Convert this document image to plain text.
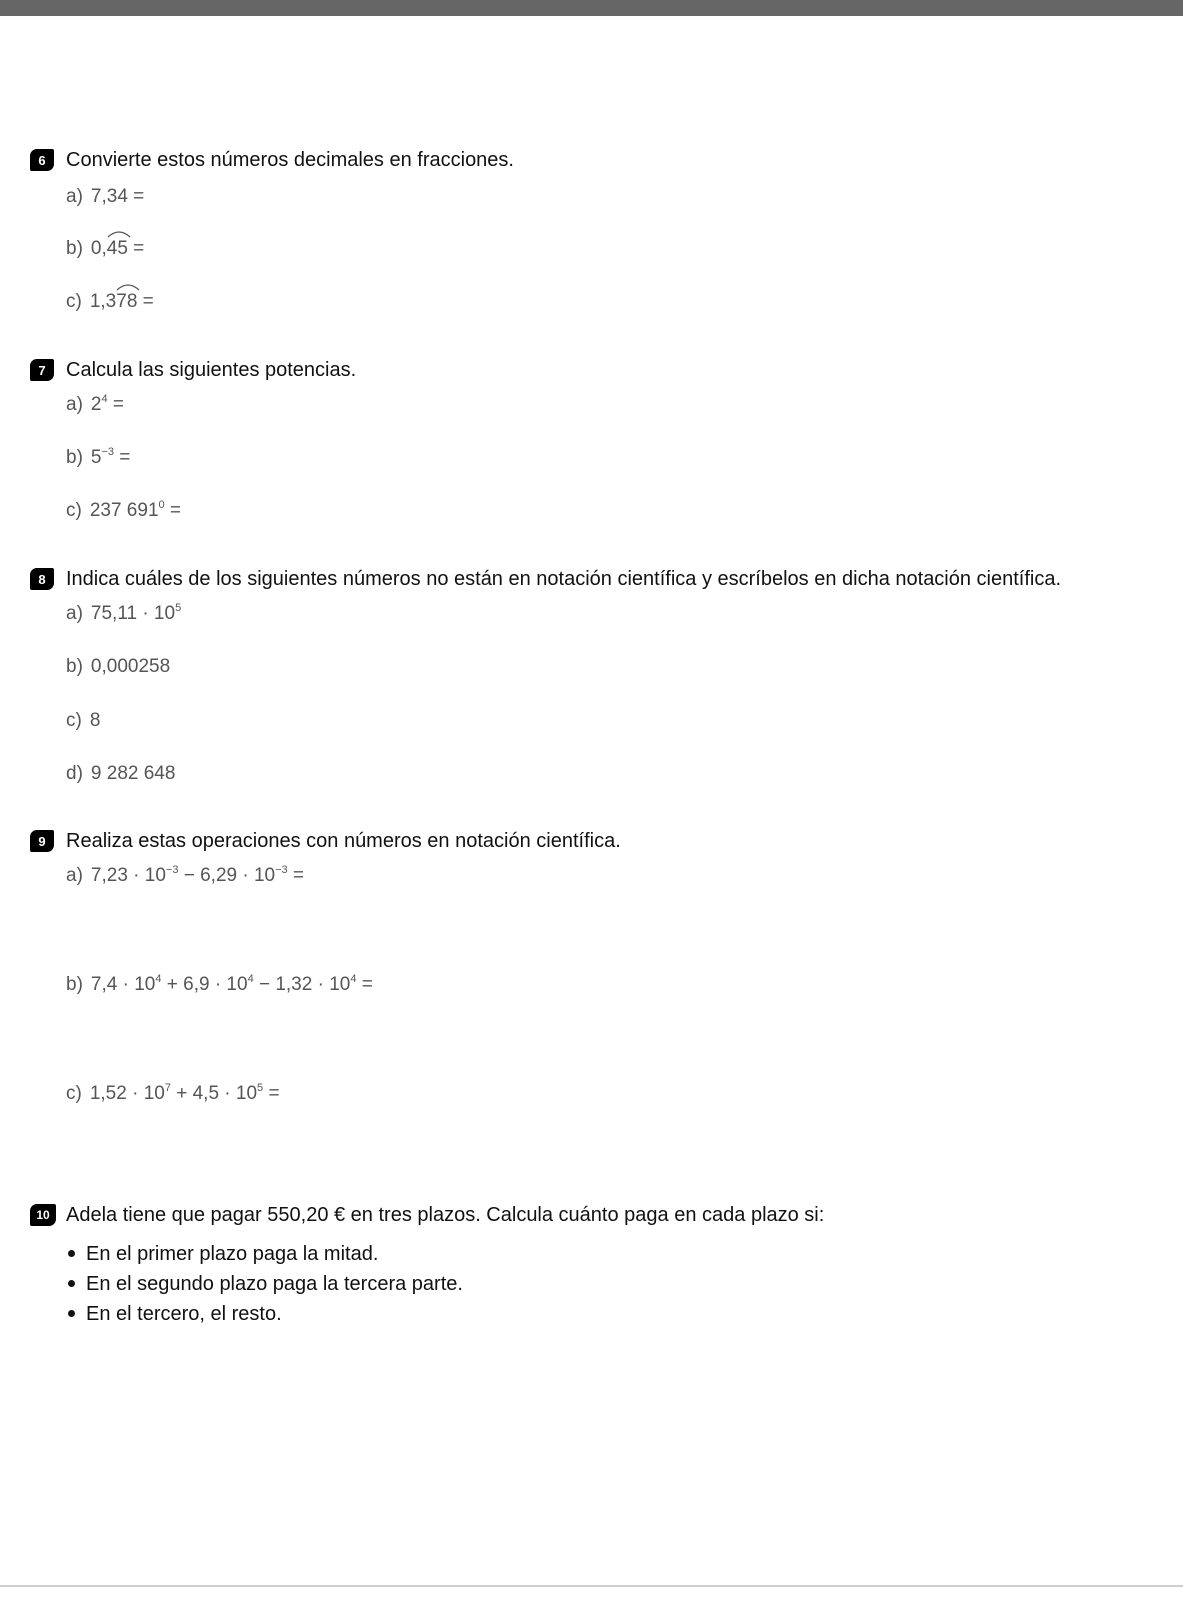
6	Convierte estos números decimales en fracciones.
a) 7,34 =
b) 0,
45 =
c) 1,3
78 =
7	Calcula las siguientes potencias.
a) $2^4$ =
b) $5^{-3}$ =
c) 237 $691^0$ =
8	Indica cuáles de los siguientes números no están en notación científica y escríbelos en dicha notación científica.
a) $75,11 \cdot 10^5$
b) 0,000258
c) 8
d) 9 282 648
9	Realiza estas operaciones con números en notación científica.
a) $7,23 \cdot 10^{-3} - 6,29 \cdot 10^{-3}$ =
b) $7,4 \cdot 10^4 + 6,9 \cdot 10^4 - 1,32 \cdot 10^4$ =
c) $1,52 \cdot 10^7 + 4,5 \cdot 10^5$ =
10 Adela tiene que pagar 550,20 € en tres plazos. Calcula cuánto paga en cada plazo si:
En el primer plazo paga la mitad.
En el segundo plazo paga la tercera parte.
En el tercero, el resto.
